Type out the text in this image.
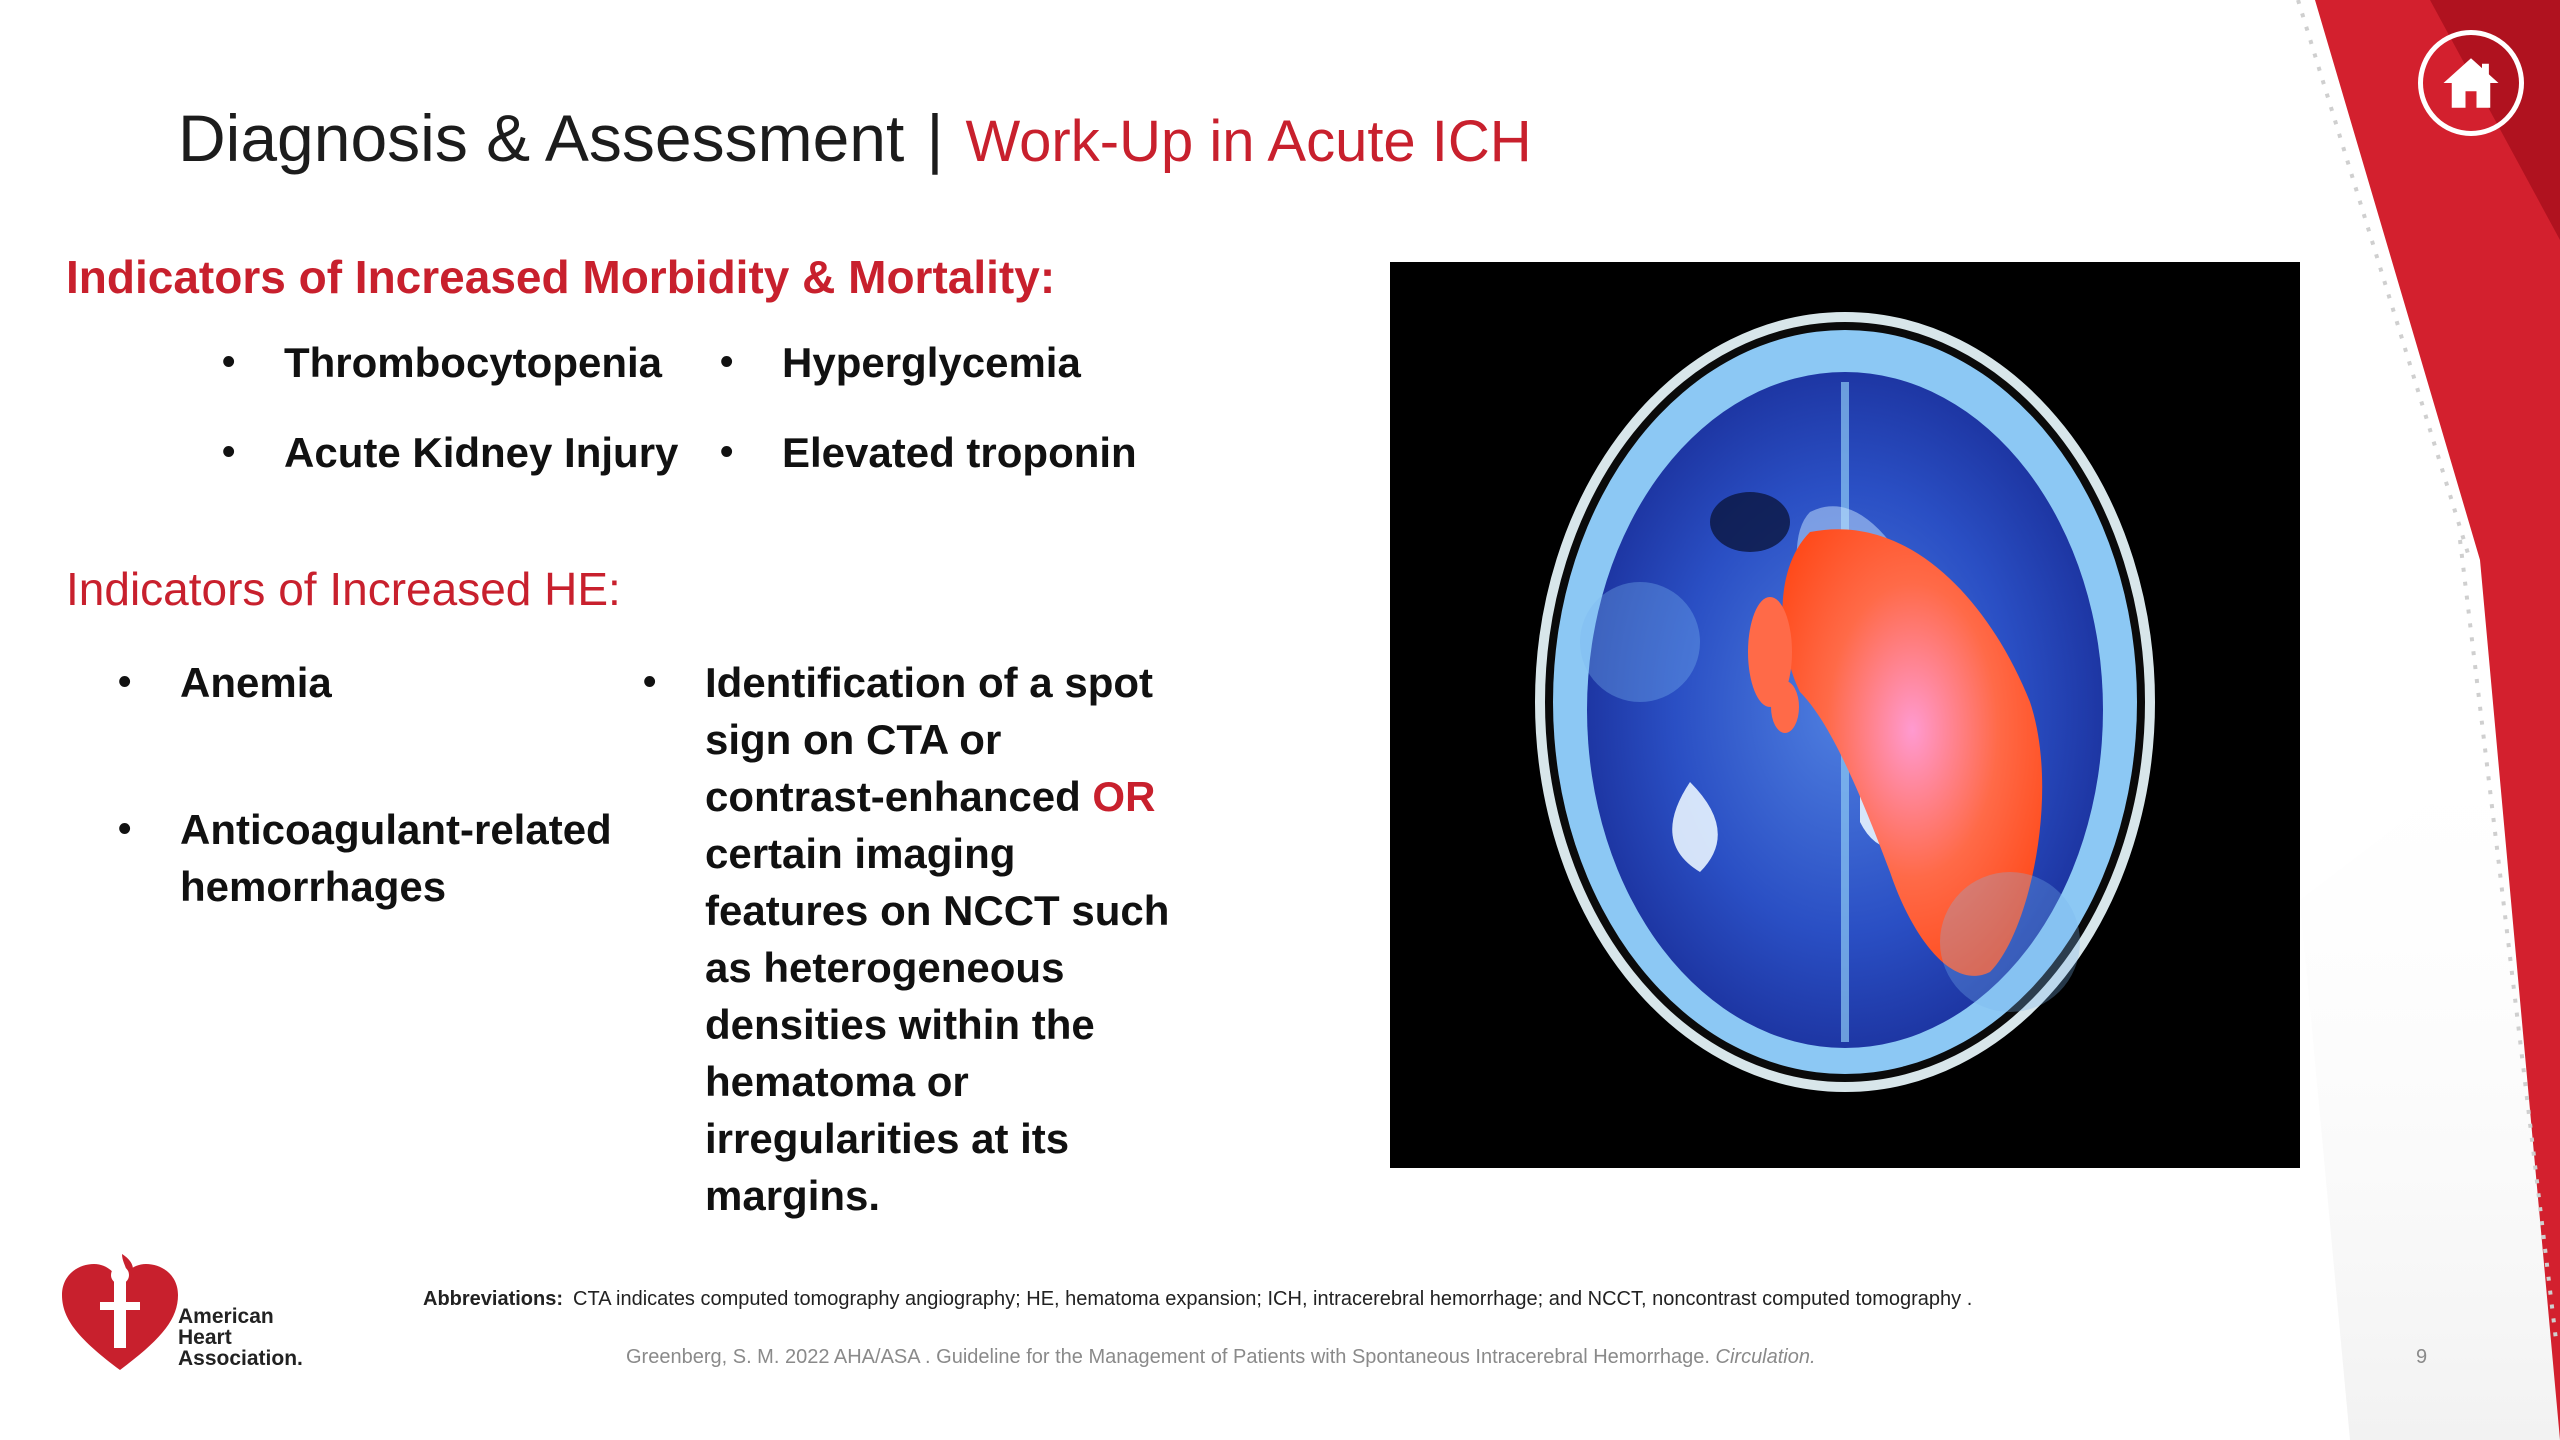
Diagnosis & Assessment | Work-Up in Acute ICH
Indicators of Increased Morbidity & Mortality:
• Thrombocytopenia • Hyperglycemia
• Acute Kidney Injury • Elevated troponin
Indicators of Increased HE:
• Anemia
• Anticoagulant-related hemorrhages
• Identification of a spot sign on CTA or contrast-enhanced OR certain imaging features on NCCT such as heterogeneous densities within the hematoma or irregularities at its margins.
Abbreviations: CTA indicates computed tomography angiography; HE, hematoma expansion; ICH, intracerebral hemorrhage; and NCCT, noncontrast computed tomography .
Greenberg, S. M. 2022 AHA/ASA . Guideline for the Management of Patients with Spontaneous Intracerebral Hemorrhage. Circulation.	9
American
Heart
Association.
